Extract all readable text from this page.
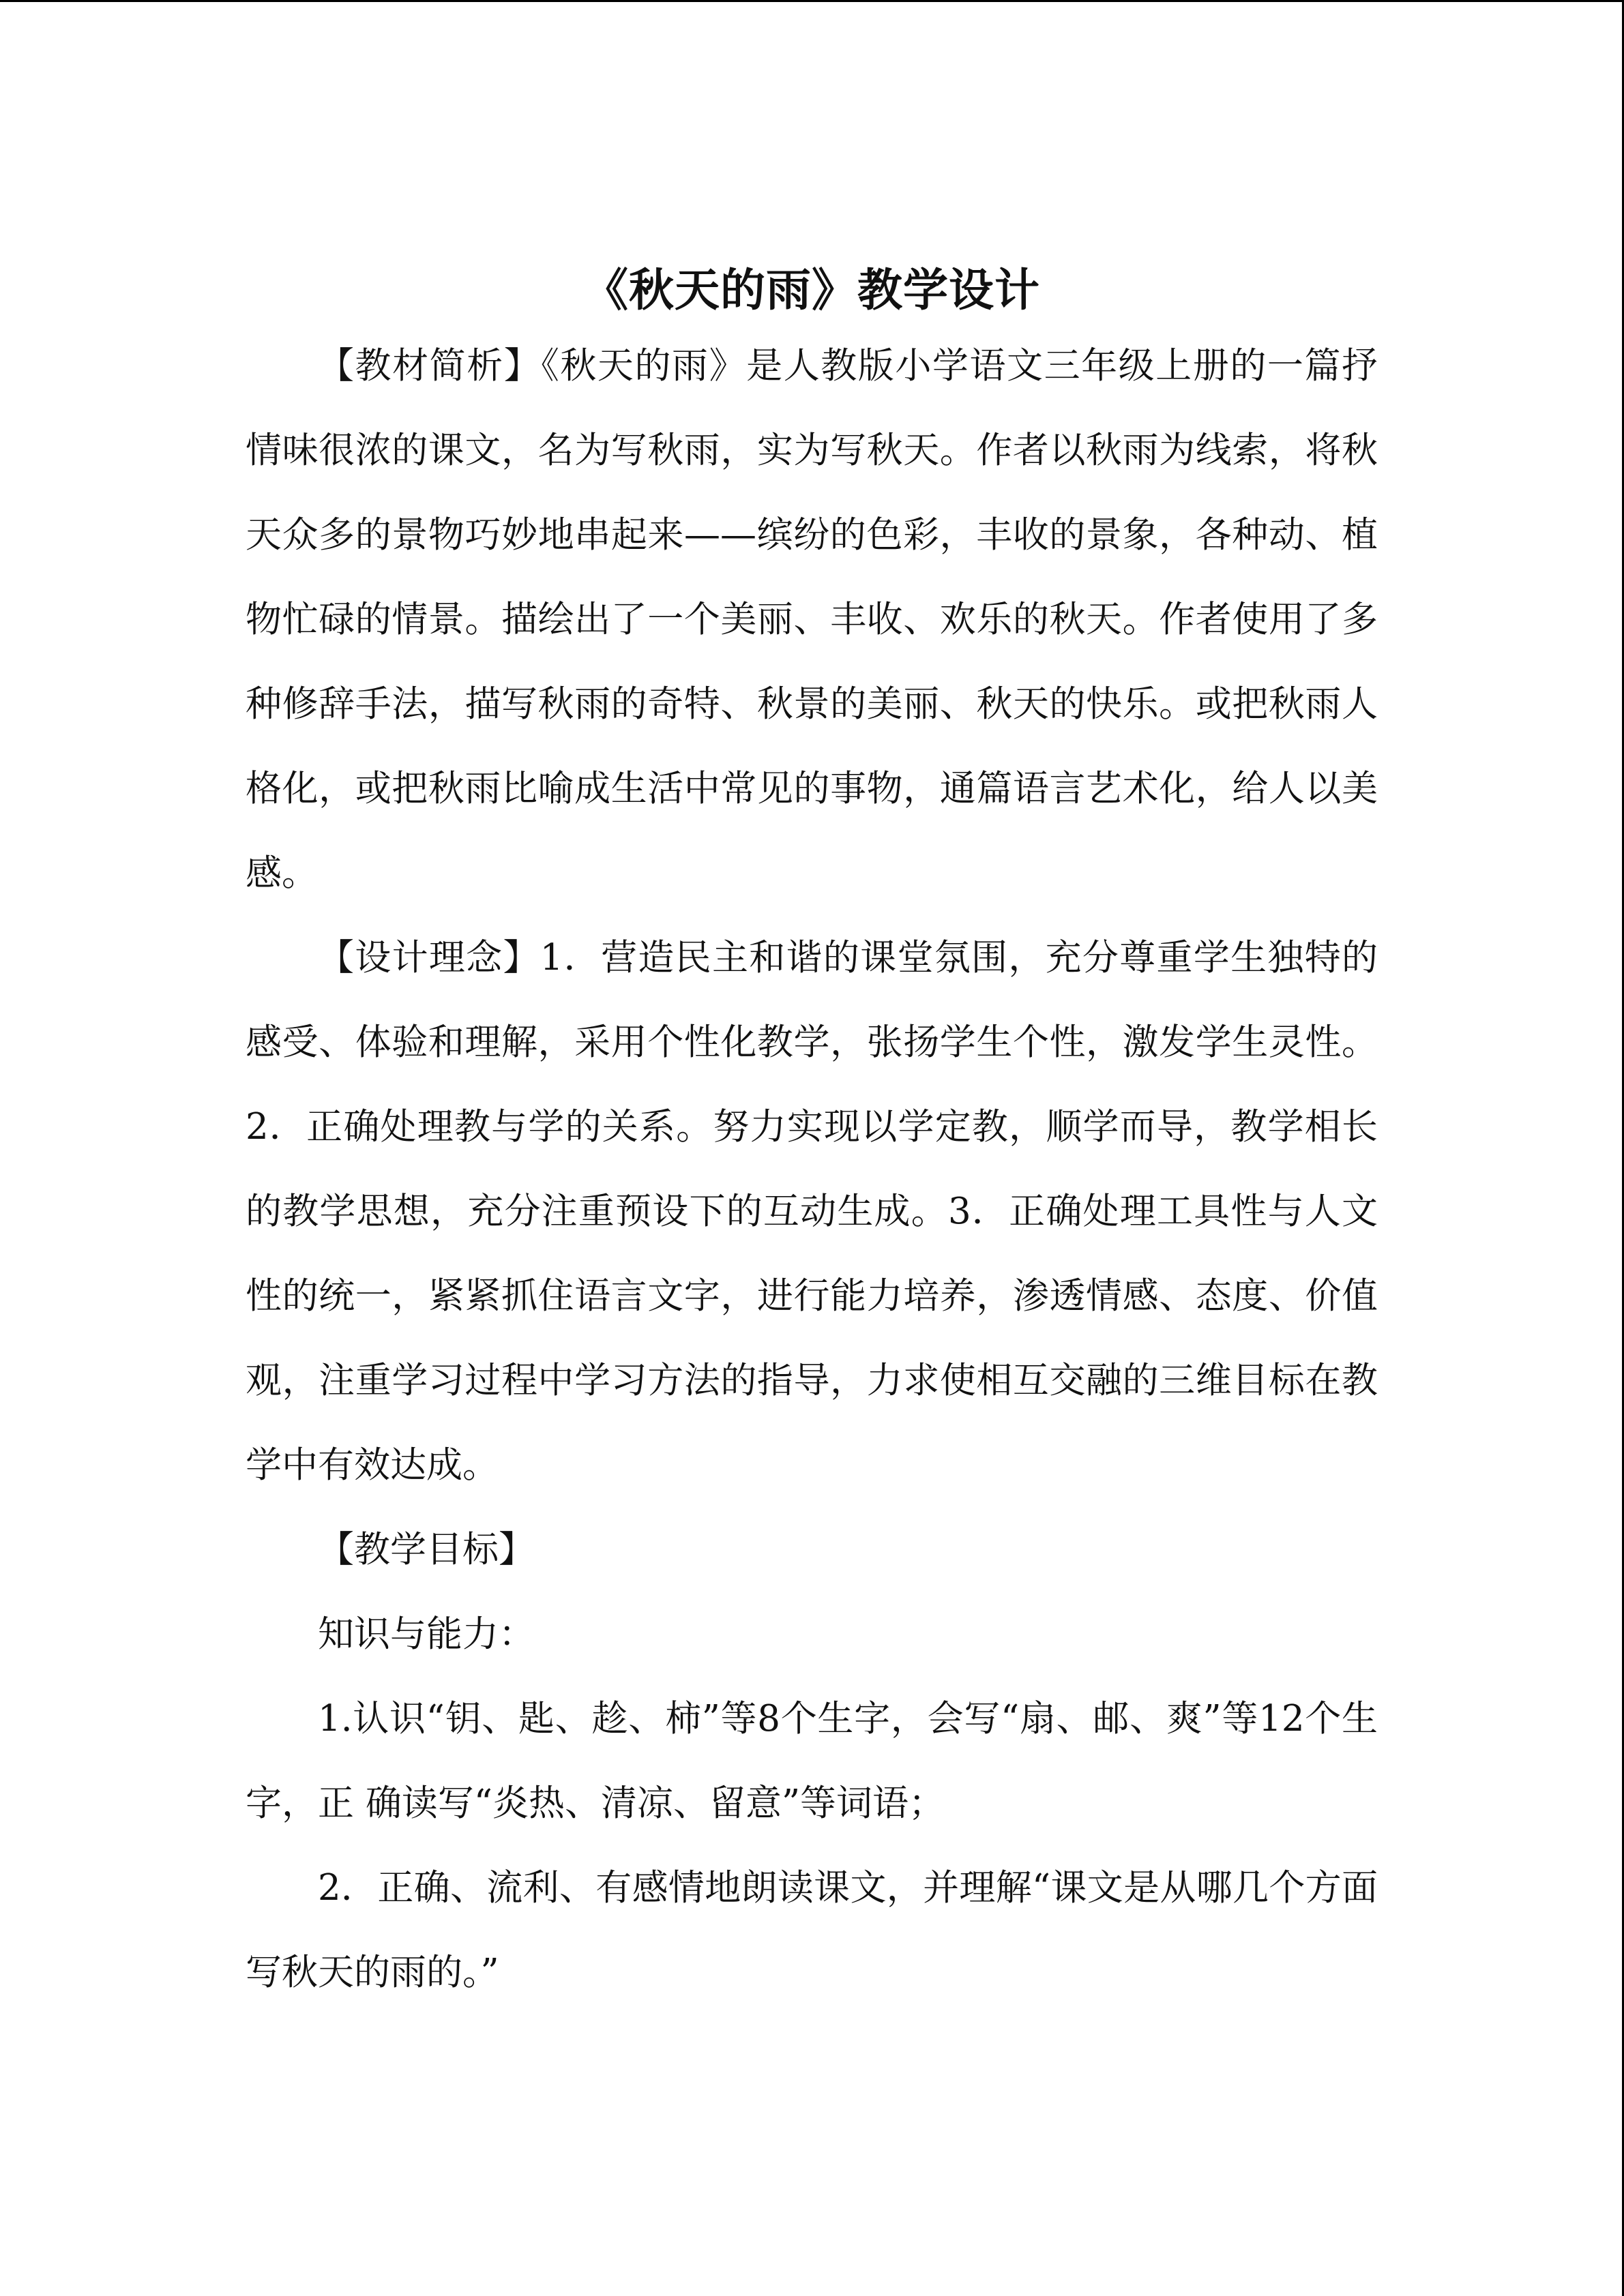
《秋天的雨》教学设计

【教材简析】《秋天的雨》是人教版小学语文三年级上册的一篇抒情味很浓的课文，名为写秋雨，实为写秋天。作者以秋雨为线索，将秋天众多的景物巧妙地串起来——缤纷的色彩，丰收的景象，各种动、植物忙碌的情景。描绘出了一个美丽、丰收、欢乐的秋天。作者使用了多种修辞手法，描写秋雨的奇特、秋景的美丽、秋天的快乐。或把秋雨人格化，或把秋雨比喻成生活中常见的事物，通篇语言艺术化，给人以美感。

【设计理念】1．营造民主和谐的课堂氛围，充分尊重学生独特的感受、体验和理解，采用个性化教学，张扬学生个性，激发学生灵性。2．正确处理教与学的关系。努力实现以学定教，顺学而导，教学相长的教学思想，充分注重预设下的互动生成。3．正确处理工具性与人文性的统一，紧紧抓住语言文字，进行能力培养，渗透情感、态度、价值观，注重学习过程中学习方法的指导，力求使相互交融的三维目标在教学中有效达成。

【教学目标】

知识与能力：

1.认识“钥、匙、趁、柿”等8个生字，会写“扇、邮、爽”等12个生字，正 确读写“炎热、清凉、留意”等词语；

2．正确、流利、有感情地朗读课文，并理解“课文是从哪几个方面写秋天的雨的。”
